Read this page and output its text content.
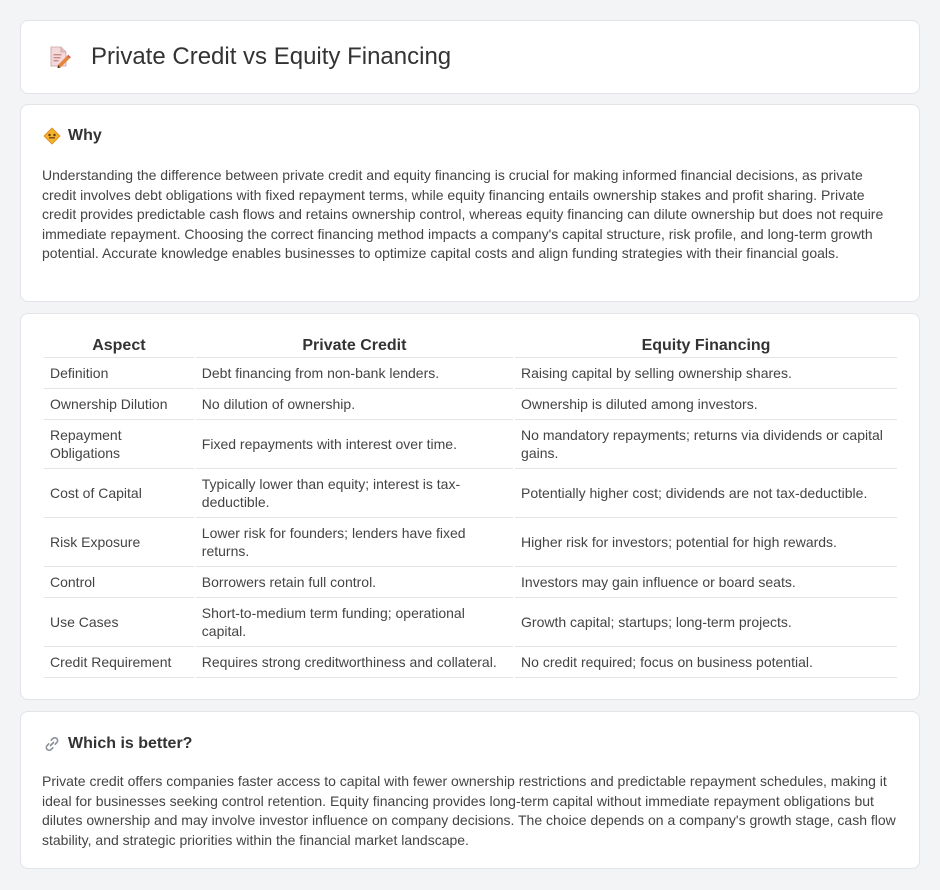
Private Credit vs Equity Financing
Why

Understanding the difference between private credit and equity financing is crucial for making informed financial decisions, as private credit involves debt obligations with fixed repayment terms, while equity financing entails ownership stakes and profit sharing. Private credit provides predictable cash flows and retains ownership control, whereas equity financing can dilute ownership but does not require immediate repayment. Choosing the correct financing method impacts a company's capital structure, risk profile, and long-term growth potential. Accurate knowledge enables businesses to optimize capital costs and align funding strategies with their financial goals.

Aspect	Private Credit	Equity Financing
Definition	Debt financing from non-bank lenders.	Raising capital by selling ownership shares.
Ownership Dilution	No dilution of ownership.	Ownership is diluted among investors.
Repayment Obligations	Fixed repayments with interest over time.	No mandatory repayments; returns via dividends or capital gains.
Cost of Capital	Typically lower than equity; interest is tax-deductible.	Potentially higher cost; dividends are not tax-deductible.
Risk Exposure	Lower risk for founders; lenders have fixed returns.	Higher risk for investors; potential for high rewards.
Control	Borrowers retain full control.	Investors may gain influence or board seats.
Use Cases	Short-to-medium term funding; operational capital.	Growth capital; startups; long-term projects.
Credit Requirement	Requires strong creditworthiness and collateral.	No credit required; focus on business potential.
Which is better?

Private credit offers companies faster access to capital with fewer ownership restrictions and predictable repayment schedules, making it ideal for businesses seeking control retention. Equity financing provides long-term capital without immediate repayment obligations but dilutes ownership and may involve investor influence on company decisions. The choice depends on a company's growth stage, cash flow stability, and strategic priorities within the financial market landscape.
